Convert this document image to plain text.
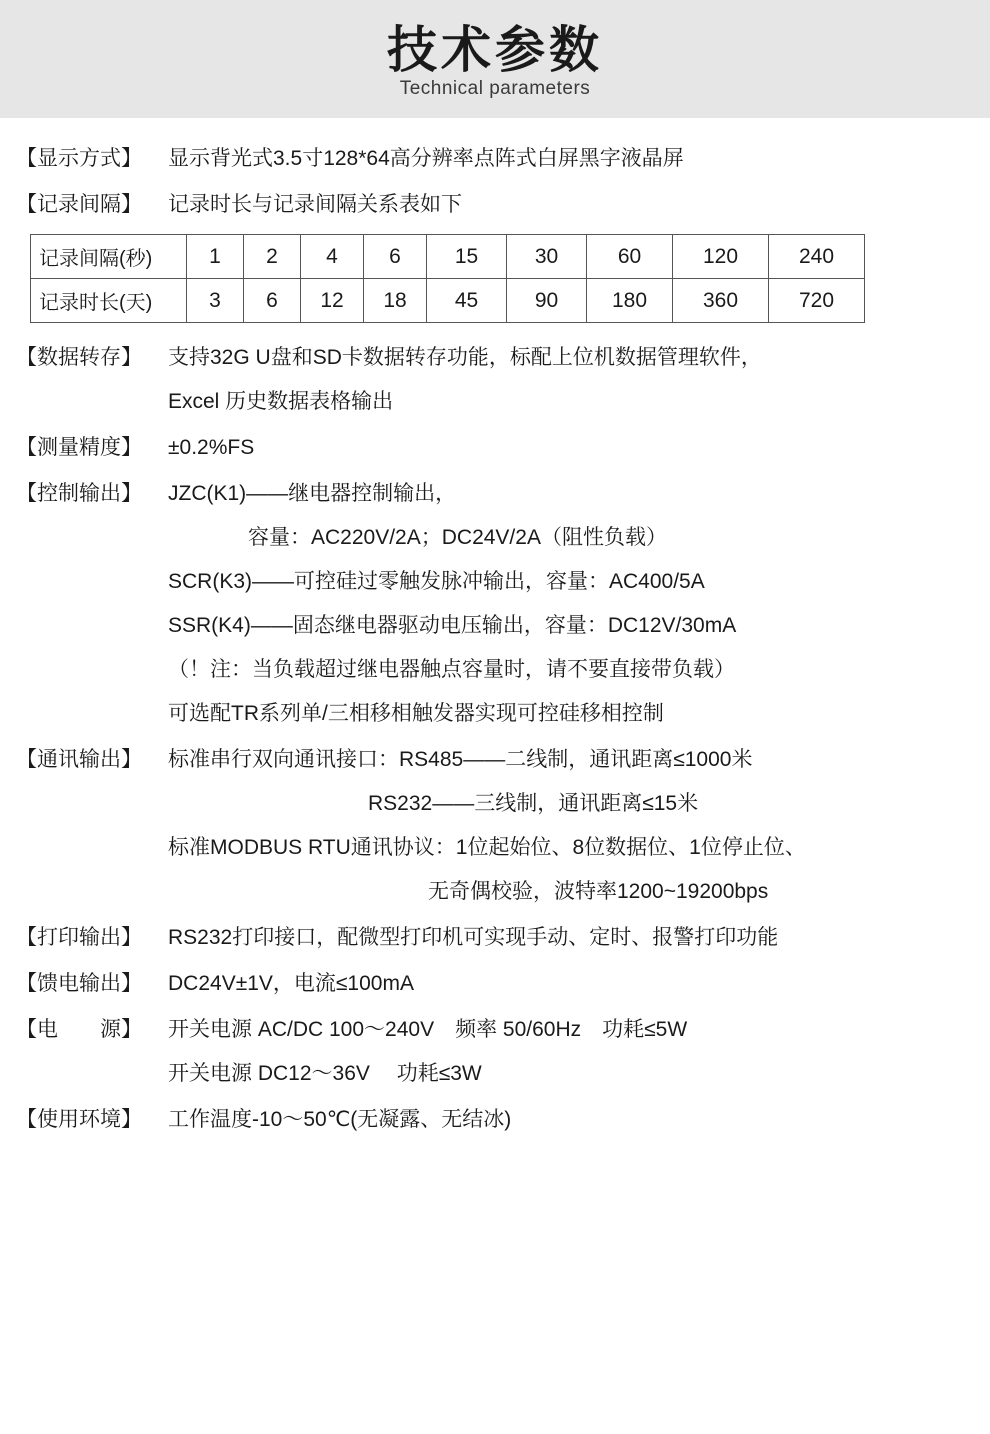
技术参数
Technical parameters
【显示方式】	显示背光式3.5寸128*64高分辨率点阵式白屏黑字液晶屏
【记录间隔】	记录时长与记录间隔关系表如下
记录间隔(秒)	1	2	4	6	15	30	60	120	240
记录时长(天)	3	6	12	18	45	90	180	360	720
【数据转存】	支持32G U盘和SD卡数据转存功能，标配上位机数据管理软件，
Excel 历史数据表格输出
【测量精度】	±0.2%FS
【控制输出】	JZC(K1)——继电器控制输出，
容量：AC220V/2A；DC24V/2A（阻性负载）
SCR(K3)——可控硅过零触发脉冲输出，容量：AC400/5A
SSR(K4)——固态继电器驱动电压输出，容量：DC12V/30mA
（！注：当负载超过继电器触点容量时，请不要直接带负载）
可选配TR系列单/三相移相触发器实现可控硅移相控制
【通讯输出】	标准串行双向通讯接口：RS485——二线制，通讯距离≤1000米
RS232——三线制，通讯距离≤15米
标准MODBUS RTU通讯协议：1位起始位、8位数据位、1位停止位、
无奇偶校验，波特率1200~19200bps
【打印输出】	RS232打印接口，配微型打印机可实现手动、定时、报警打印功能
【馈电输出】	DC24V±1V，电流≤100mA
【电　　源】	开关电源 AC/DC 100～240V　频率 50/60Hz　功耗≤5W
开关电源 DC12～36V　 功耗≤3W
【使用环境】	工作温度-10～50℃(无凝露、无结冰)
